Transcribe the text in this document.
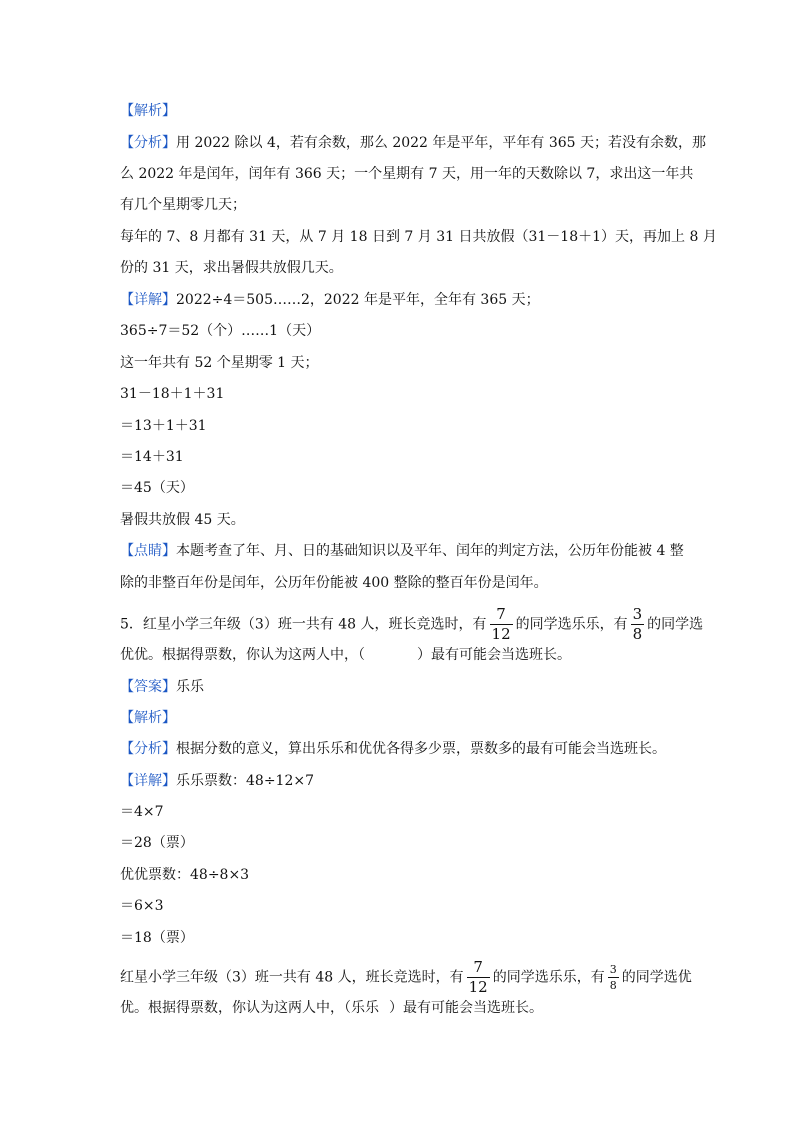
【解析】
【分析】用 2022 除以 4，若有余数，那么 2022 年是平年，平年有 365 天；若没有余数，那
么 2022 年是闰年，闰年有 366 天；一个星期有 7 天，用一年的天数除以 7，求出这一年共
有几个星期零几天；
每年的 7、8 月都有 31 天，从 7 月 18 日到 7 月 31 日共放假（31－18＋1）天，再加上 8 月
份的 31 天，求出暑假共放假几天。
【详解】2022÷4＝505……2，2022 年是平年，全年有 365 天；
365÷7＝52（个）……1（天）
这一年共有 52 个星期零 1 天；
31－18＋1＋31
＝13＋1＋31
＝14＋31
＝45（天）
暑假共放假 45 天。
【点睛】本题考查了年、月、日的基础知识以及平年、闰年的判定方法，公历年份能被 4 整
除的非整百年份是闰年，公历年份能被 400 整除的整百年份是闰年。
5．红星小学三年级（3）班一共有 48 人，班长竞选时，有 $\frac{7}{12}$ 的同学选乐乐，有 $\frac{3}{8}$ 的同学选
优优。根据得票数，你认为这两人中，（	）最有可能会当选班长。
【答案】乐乐
【解析】
【分析】根据分数的意义，算出乐乐和优优各得多少票，票数多的最有可能会当选班长。
【详解】乐乐票数：48÷12×7
＝4×7
＝28（票）
优优票数：48÷8×3
＝6×3
＝18（票）
红星小学三年级（3）班一共有 48 人，班长竞选时，有 $\frac{7}{12}$ 的同学选乐乐，有 $\frac{3}{8}$ 的同学选优
优。根据得票数，你认为这两人中，（乐乐 ）最有可能会当选班长。
